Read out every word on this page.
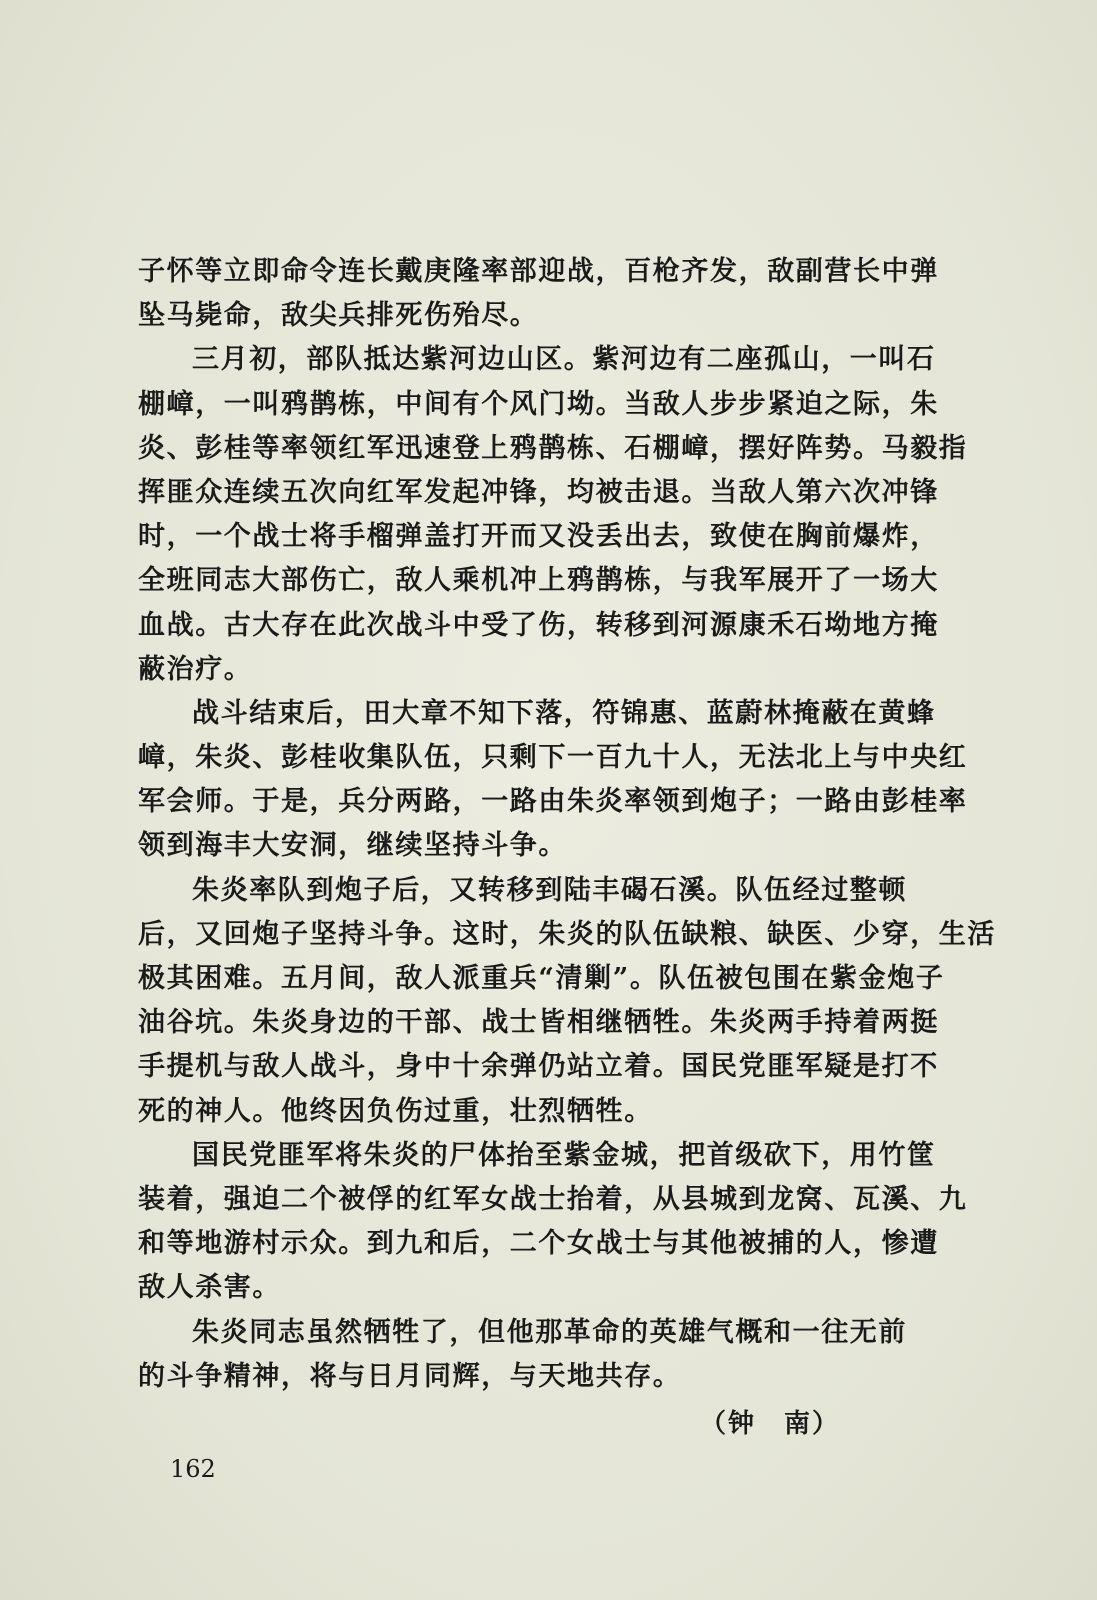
子怀等立即命令连长戴庚隆率部迎战，百枪齐发，敌副营长中弹
坠马毙命，敌尖兵排死伤殆尽。
三月初，部队抵达紫河边山区。紫河边有二座孤山，一叫石
棚嶂，一叫鸦鹊栋，中间有个风门坳。当敌人步步紧迫之际，朱
炎、彭桂等率领红军迅速登上鸦鹊栋、石棚嶂，摆好阵势。马毅指
挥匪众连续五次向红军发起冲锋，均被击退。当敌人第六次冲锋
时，一个战士将手榴弹盖打开而又没丢出去，致使在胸前爆炸，
全班同志大部伤亡，敌人乘机冲上鸦鹊栋，与我军展开了一场大
血战。古大存在此次战斗中受了伤，转移到河源康禾石坳地方掩
蔽治疗。
战斗结束后，田大章不知下落，符锦惠、蓝蔚林掩蔽在黄蜂
嶂，朱炎、彭桂收集队伍，只剩下一百九十人，无法北上与中央红
军会师。于是，兵分两路，一路由朱炎率领到炮子；一路由彭桂率
领到海丰大安洞，继续坚持斗争。
朱炎率队到炮子后，又转移到陆丰碣石溪。队伍经过整顿
后，又回炮子坚持斗争。这时，朱炎的队伍缺粮、缺医、少穿，生活
极其困难。五月间，敌人派重兵“清剿”。队伍被包围在紫金炮子
油谷坑。朱炎身边的干部、战士皆相继牺牲。朱炎两手持着两挺
手提机与敌人战斗，身中十余弹仍站立着。国民党匪军疑是打不
死的神人。他终因负伤过重，壮烈牺牲。
国民党匪军将朱炎的尸体抬至紫金城，把首级砍下，用竹筐
装着，强迫二个被俘的红军女战士抬着，从县城到龙窝、瓦溪、九
和等地游村示众。到九和后，二个女战士与其他被捕的人，惨遭
敌人杀害。
朱炎同志虽然牺牲了，但他那革命的英雄气概和一往无前
的斗争精神，将与日月同辉，与天地共存。
（钟　南）
162
